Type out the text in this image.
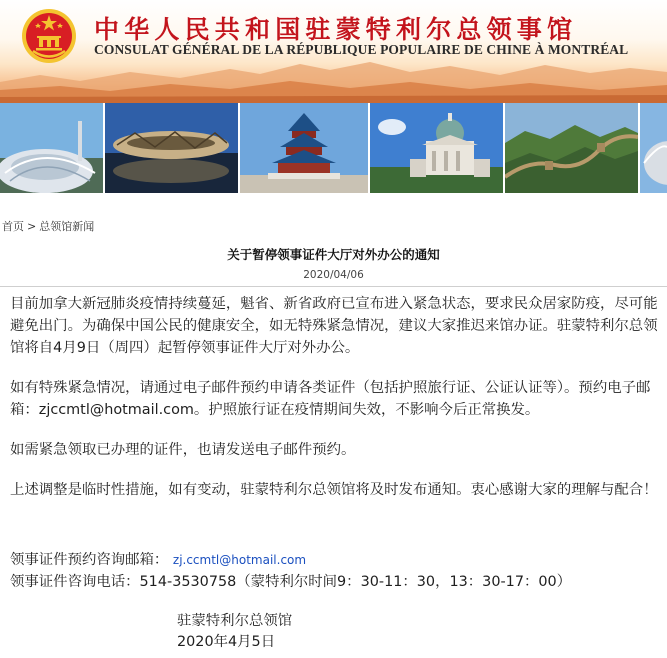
中华人民共和国驻蒙特利尔总领事馆
CONSULAT GÉNÉRAL DE LA RÉPUBLIQUE POPULAIRE DE CHINE À MONTRÉAL
首页 > 总领馆新闻
关于暂停领事证件大厅对外办公的通知
2020/04/06

目前加拿大新冠肺炎疫情持续蔓延，魁省、新省政府已宣布进入紧急状态，要求民众居家防疫，尽可能避免出门。为确保中国公民的健康安全，如无特殊紧急情况，建议大家推迟来馆办证。驻蒙特利尔总领馆将自4月9日（周四）起暂停领事证件大厅对外办公。

如有特殊紧急情况，请通过电子邮件预约申请各类证件（包括护照旅行证、公证认证等）。预约电子邮箱：zjccmtl@hotmail.com。护照旅行证在疫情期间失效，不影响今后正常换发。

如需紧急领取已办理的证件，也请发送电子邮件预约。

上述调整是临时性措施，如有变动，驻蒙特利尔总领馆将及时发布通知。衷心感谢大家的理解与配合！

领事证件预约咨询邮箱： zj.ccmtl@hotmail.com
领事证件咨询电话：514-3530758（蒙特利尔时间9：30-11：30，13：30-17：00）
驻蒙特利尔总领馆
2020年4月5日
